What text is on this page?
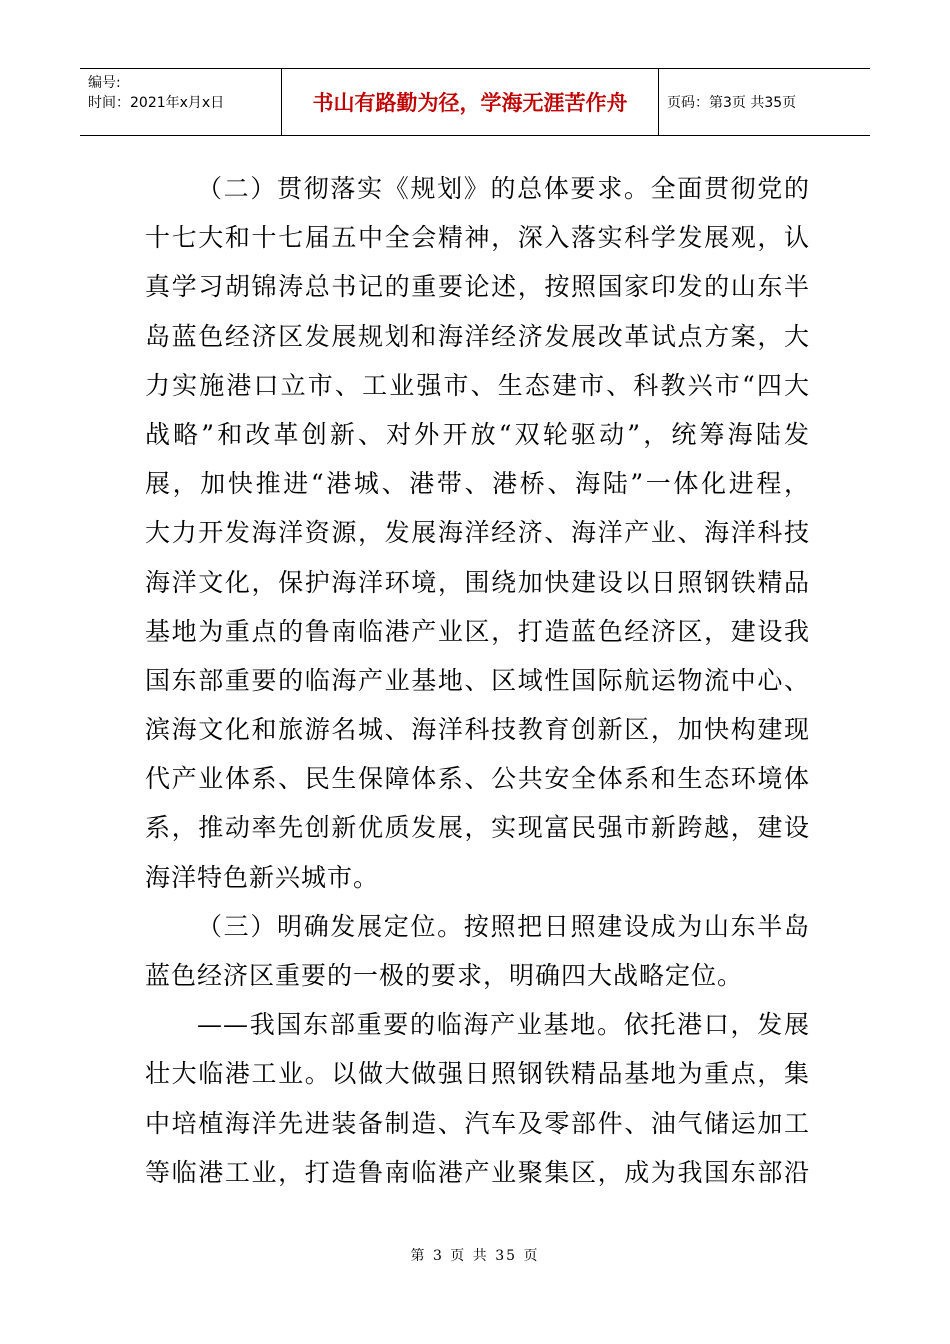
编号:
时间：2021年x月x日	书山有路勤为径，学海无涯苦作舟	页码：第3页 共35页
（二）贯彻落实《规划》的总体要求。全面贯彻党的
十七大和十七届五中全会精神，深入落实科学发展观，认
真学习胡锦涛总书记的重要论述，按照国家印发的山东半
岛蓝色经济区发展规划和海洋经济发展改革试点方案，大
力实施港口立市、工业强市、生态建市、科教兴市“四大
战略”和改革创新、对外开放“双轮驱动”，统筹海陆发
展，加快推进“港城、港带、港桥、海陆”一体化进程，
大力开发海洋资源，发展海洋经济、海洋产业、海洋科技
海洋文化，保护海洋环境，围绕加快建设以日照钢铁精品
基地为重点的鲁南临港产业区，打造蓝色经济区，建设我
国东部重要的临海产业基地、区域性国际航运物流中心、
滨海文化和旅游名城、海洋科技教育创新区，加快构建现
代产业体系、民生保障体系、公共安全体系和生态环境体
系，推动率先创新优质发展，实现富民强市新跨越，建设
海洋特色新兴城市。
（三）明确发展定位。按照把日照建设成为山东半岛
蓝色经济区重要的一极的要求，明确四大战略定位。
——我国东部重要的临海产业基地。依托港口，发展
壮大临港工业。以做大做强日照钢铁精品基地为重点，集
中培植海洋先进装备制造、汽车及零部件、油气储运加工
等临港工业，打造鲁南临港产业聚集区，成为我国东部沿
第 3 页 共 35 页
